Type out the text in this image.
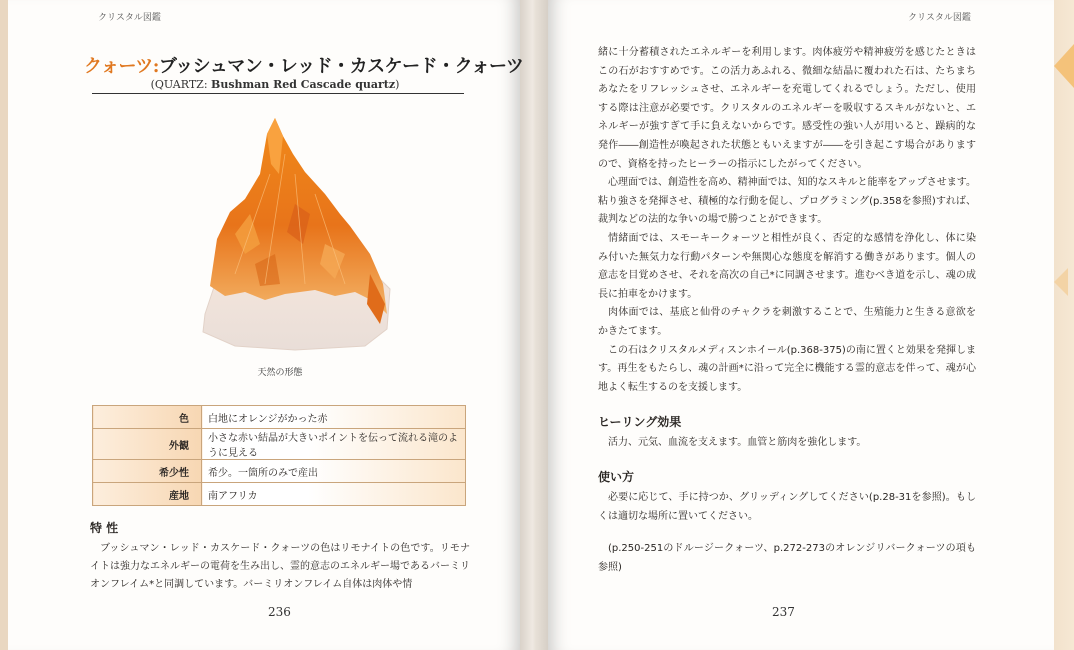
クリスタル図鑑	クリスタル図鑑
クォーツ:ブッシュマン・レッド・カスケード・クォーツ
(QUARTZ: Bushman Red Cascade quartz)
天然の形態
色	白地にオレンジがかった赤
外観	小さな赤い結晶が大きいポイントを伝って流れる滝のように見える
希少性	希少。一箇所のみで産出
産地	南アフリカ
特 性
ブッシュマン・レッド・カスケード・クォーツの色はリモナイトの色です。リモナイトは強力なエネルギーの電荷を生み出し、霊的意志のエネルギー場であるバーミリオンフレイム*と同調しています。バーミリオンフレイム自体は肉体や情
236

緒に十分蓄積されたエネルギーを利用します。肉体疲労や精神疲労を感じたときはこの石がおすすめです。この活力あふれる、微細な結晶に覆われた石は、たちまちあなたをリフレッシュさせ、エネルギーを充電してくれるでしょう。ただし、使用する際は注意が必要です。クリスタルのエネルギーを吸収するスキルがないと、エネルギーが強すぎて手に負えないからです。感受性の強い人が用いると、躁病的な発作――創造性が喚起された状態ともいえますが――を引き起こす場合がありますので、資格を持ったヒーラーの指示にしたがってください。

心理面では、創造性を高め、精神面では、知的なスキルと能率をアップさせます。粘り強さを発揮させ、積極的な行動を促し、プログラミング(p.358を参照)すれば、裁判などの法的な争いの場で勝つことができます。

情緒面では、スモーキークォーツと相性が良く、否定的な感情を浄化し、体に染み付いた無気力な行動パターンや無関心な態度を解消する働きがあります。個人の意志を目覚めさせ、それを高次の自己*に同調させます。進むべき道を示し、魂の成長に拍車をかけます。

肉体面では、基底と仙骨のチャクラを刺激することで、生殖能力と生きる意欲をかきたてます。

この石はクリスタルメディスンホイール(p.368-375)の南に置くと効果を発揮します。再生をもたらし、魂の計画*に沿って完全に機能する霊的意志を伴って、魂が心地よく転生するのを支援します。

ヒーリング効果

活力、元気、血流を支えます。血管と筋肉を強化します。

使い方

必要に応じて、手に持つか、グリッディングしてください(p.28-31を参照)。もしくは適切な場所に置いてください。

(p.250-251のドルージークォーツ、p.272-273のオレンジリバークォーツの項も参照)

237
